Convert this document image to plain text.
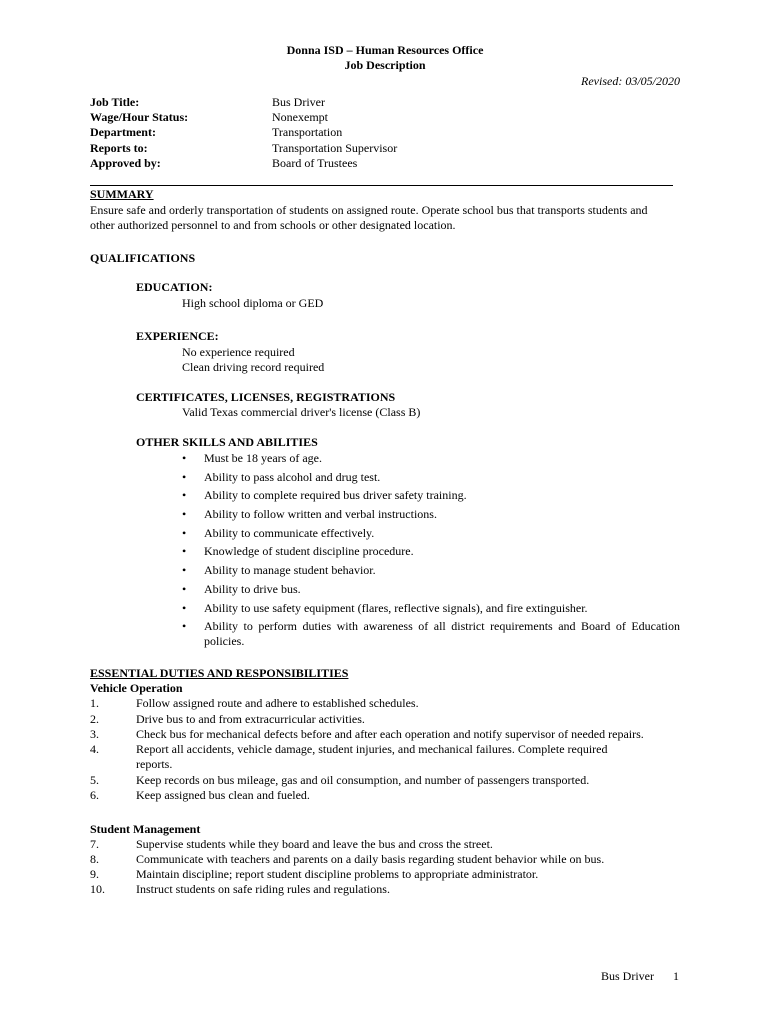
Donna ISD – Human Resources Office
Job Description
Revised: 03/05/2020
Job Title:	Bus Driver
Wage/Hour Status:	Nonexempt
Department:	Transportation
Reports to:	Transportation Supervisor
Approved by:	Board of Trustees
SUMMARY
Ensure safe and orderly transportation of students on assigned route. Operate school bus that transports students and
other authorized personnel to and from schools or other designated location.
QUALIFICATIONS
EDUCATION:
High school diploma or GED
EXPERIENCE:
No experience required
Clean driving record required
CERTIFICATES, LICENSES, REGISTRATIONS
Valid Texas commercial driver's license (Class B)
OTHER SKILLS AND ABILITIES
• Must be 18 years of age.
• Ability to pass alcohol and drug test.
• Ability to complete required bus driver safety training.
• Ability to follow written and verbal instructions.
• Ability to communicate effectively.
• Knowledge of student discipline procedure.
• Ability to manage student behavior.
• Ability to drive bus.
• Ability to use safety equipment (flares, reflective signals), and fire extinguisher.
• Ability to perform duties with awareness of all district requirements and Board of Education policies.
ESSENTIAL DUTIES AND RESPONSIBILITIES
Vehicle Operation
1.	Follow assigned route and adhere to established schedules.
2.	Drive bus to and from extracurricular activities.
3.	Check bus for mechanical defects before and after each operation and notify supervisor of needed repairs.
4.	Report all accidents, vehicle damage, student injuries, and mechanical failures. Complete required reports.
5.	Keep records on bus mileage, gas and oil consumption, and number of passengers transported.
6.	Keep assigned bus clean and fueled.
Student Management
7.	Supervise students while they board and leave the bus and cross the street.
8.	Communicate with teachers and parents on a daily basis regarding student behavior while on bus.
9.	Maintain discipline; report student discipline problems to appropriate administrator.
10.	Instruct students on safe riding rules and regulations.
Bus Driver 1
